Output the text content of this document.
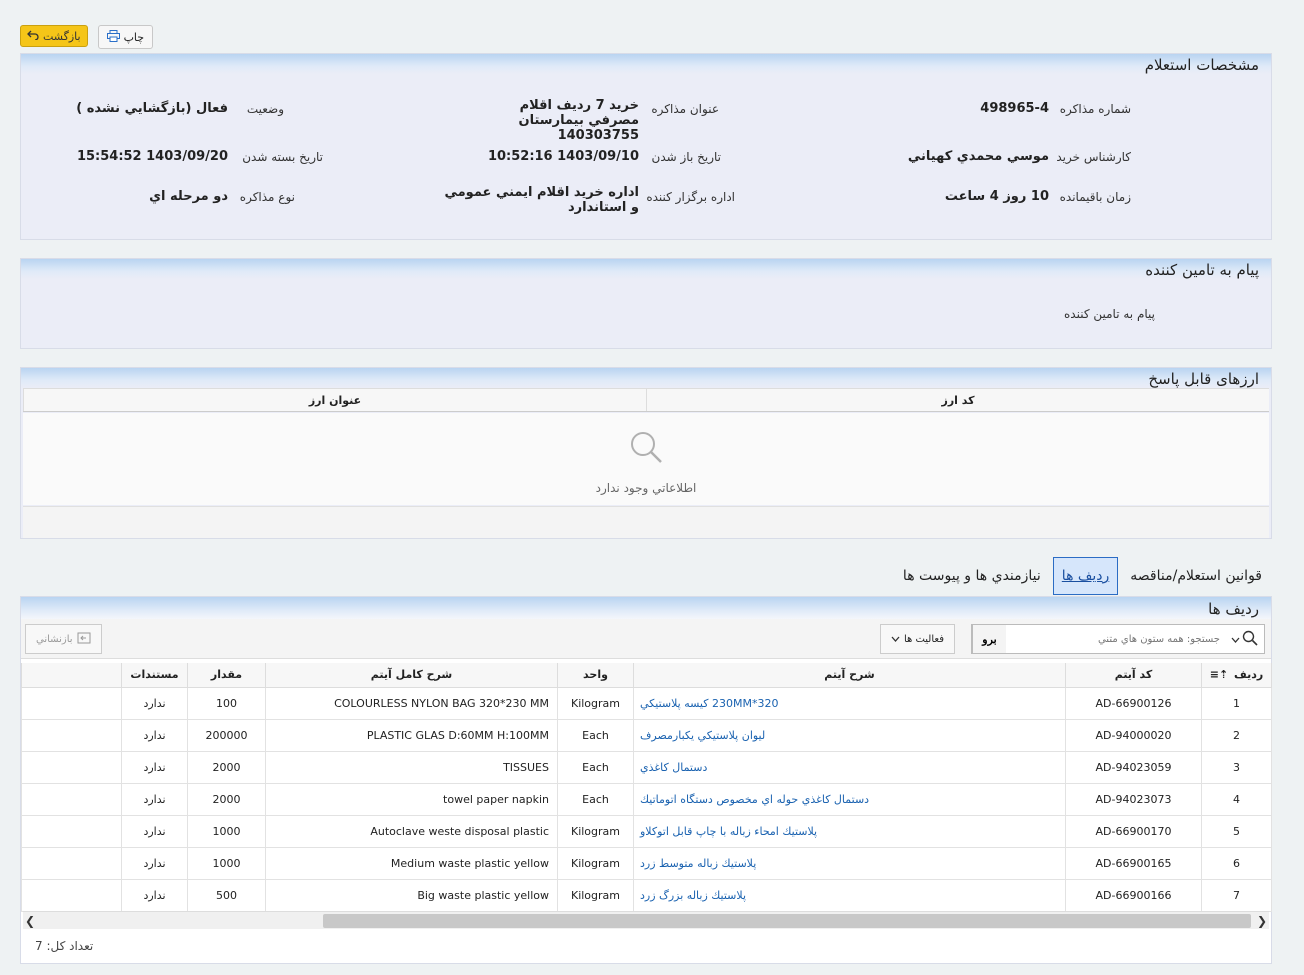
بازگشت	چاپ
مشخصات استعلام
شماره مذاکره
498965-4
عنوان مذاکره
خريد 7 رديف اقلام مصرفي بيمارستان 140303755
وضعيت
فعال (بازگشايي نشده )
كارشناس خريد
موسي محمدي كهياني
تاريخ باز شدن
1403/09/10 10:52:16
تاريخ بسته شدن
1403/09/20 15:54:52
زمان باقيمانده
10 روز 4 ساعت
اداره برگزار كننده
اداره خريد اقلام ايمني عمومي و استاندارد
نوع مذاكره
دو مرحله اي
پيام به تامين كننده
پيام به تامين كننده
ارزهای قابل پاسخ
كد ارز
عنوان ارز
اطلاعاتي وجود ندارد
نيازمندي ها و پيوست ها	رديف ها	قوانين استعلام/مناقصه
رديف ها
جستجو: همه ستون هاي متني
برو
فعاليت ها
بازنشاني
رديف ⇡≡	كد آيتم	شرح آيتم	واحد	شرح كامل آيتم	مقدار	مستندات	
1	AD-66900126	320*230MM كيسه پلاستيكي	Kilogram	COLOURLESS NYLON BAG 320*230 MM	100	ندارد	
2	AD-94000020	ليوان پلاستيكي يكبارمصرف	Each	PLASTIC GLAS D:60MM H:100MM	200000	ندارد	
3	AD-94023059	دستمال كاغذي	Each	TISSUES	2000	ندارد	
4	AD-94023073	دستمال كاغذي حوله اي مخصوص دستگاه اتوماتيك	Each	towel paper napkin	2000	ندارد	
5	AD-66900170	پلاستيك امحاء زباله با چاپ قابل اتوكلاو	Kilogram	Autoclave weste disposal plastic	1000	ندارد	
6	AD-66900165	پلاستيك زباله متوسط زرد	Kilogram	Medium waste plastic yellow	1000	ندارد	
7	AD-66900166	پلاستيك زباله بزرگ زرد	Kilogram	Big waste plastic yellow	500	ندارد	
❮	❯
تعداد كل: 7
